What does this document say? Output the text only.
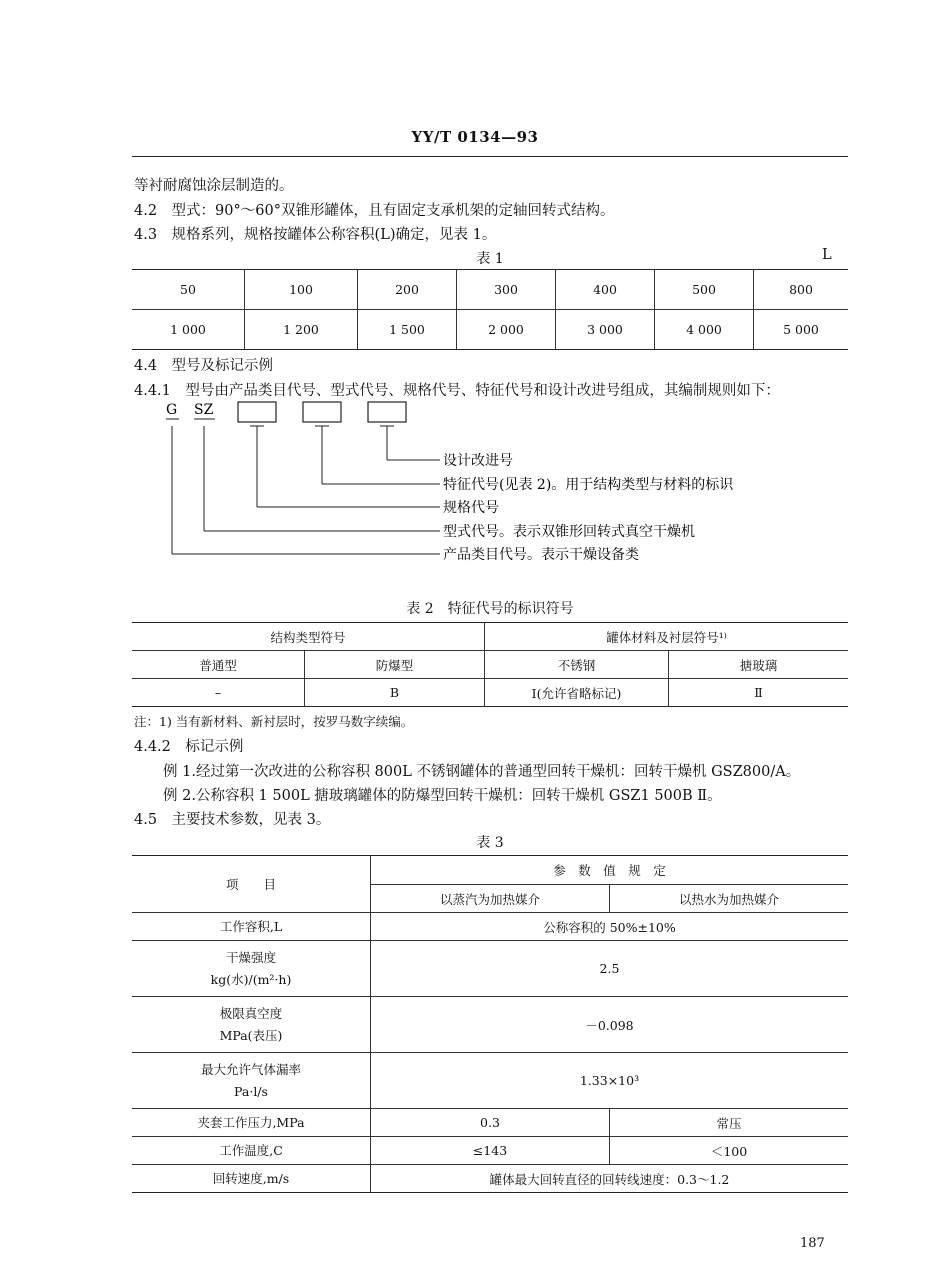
YY/T 0134—93
等衬耐腐蚀涂层制造的。
4.2　型式：90°～60°双锥形罐体，且有固定支承机架的定轴回转式结构。
4.3　规格系列，规格按罐体公称容积(L)确定，见表 1。
表 1	L
50	100	200	300	400	500	800
1 000	1 200	1 500	2 000	3 000	4 000	5 000
4.4　型号及标记示例
4.4.1　型号由产品类目代号、型式代号、规格代号、特征代号和设计改进号组成，其编制规则如下：
G SZ
设计改进号
特征代号(见表 2)。用于结构类型与材料的标识
规格代号
型式代号。表示双锥形回转式真空干燥机
产品类目代号。表示干燥设备类
表 2　特征代号的标识符号
结构类型符号		罐体材料及衬层符号¹⁾	
普通型	防爆型	不锈钢	搪玻璃
–	B	Ⅰ(允许省略标记)	Ⅱ
注：1) 当有新材料、新衬层时，按罗马数字续编。
4.4.2　标记示例
例 1.经过第一次改进的公称容积 800L 不锈钢罐体的普通型回转干燥机：回转干燥机 GSZ800/A。
例 2.公称容积 1 500L 搪玻璃罐体的防爆型回转干燥机：回转干燥机 GSZ1 500B Ⅱ。
4.5　主要技术参数，见表 3。
表 3
项　　目	参　数　值　规　定	
	以蒸汽为加热媒介	以热水为加热媒介

工作容积,L	公称容积的 50%±10%	

干燥强度
kg(水)/(m²·h)	2.5	

极限真空度
MPa(表压)	－0.098	

最大允许气体漏率
Pa·l/s	1.33×10³	

夹套工作压力,MPa	0.3	常压

工作温度,C	≤143	＜100

回转速度,m/s	罐体最大回转直径的回转线速度：0.3～1.2	
187
